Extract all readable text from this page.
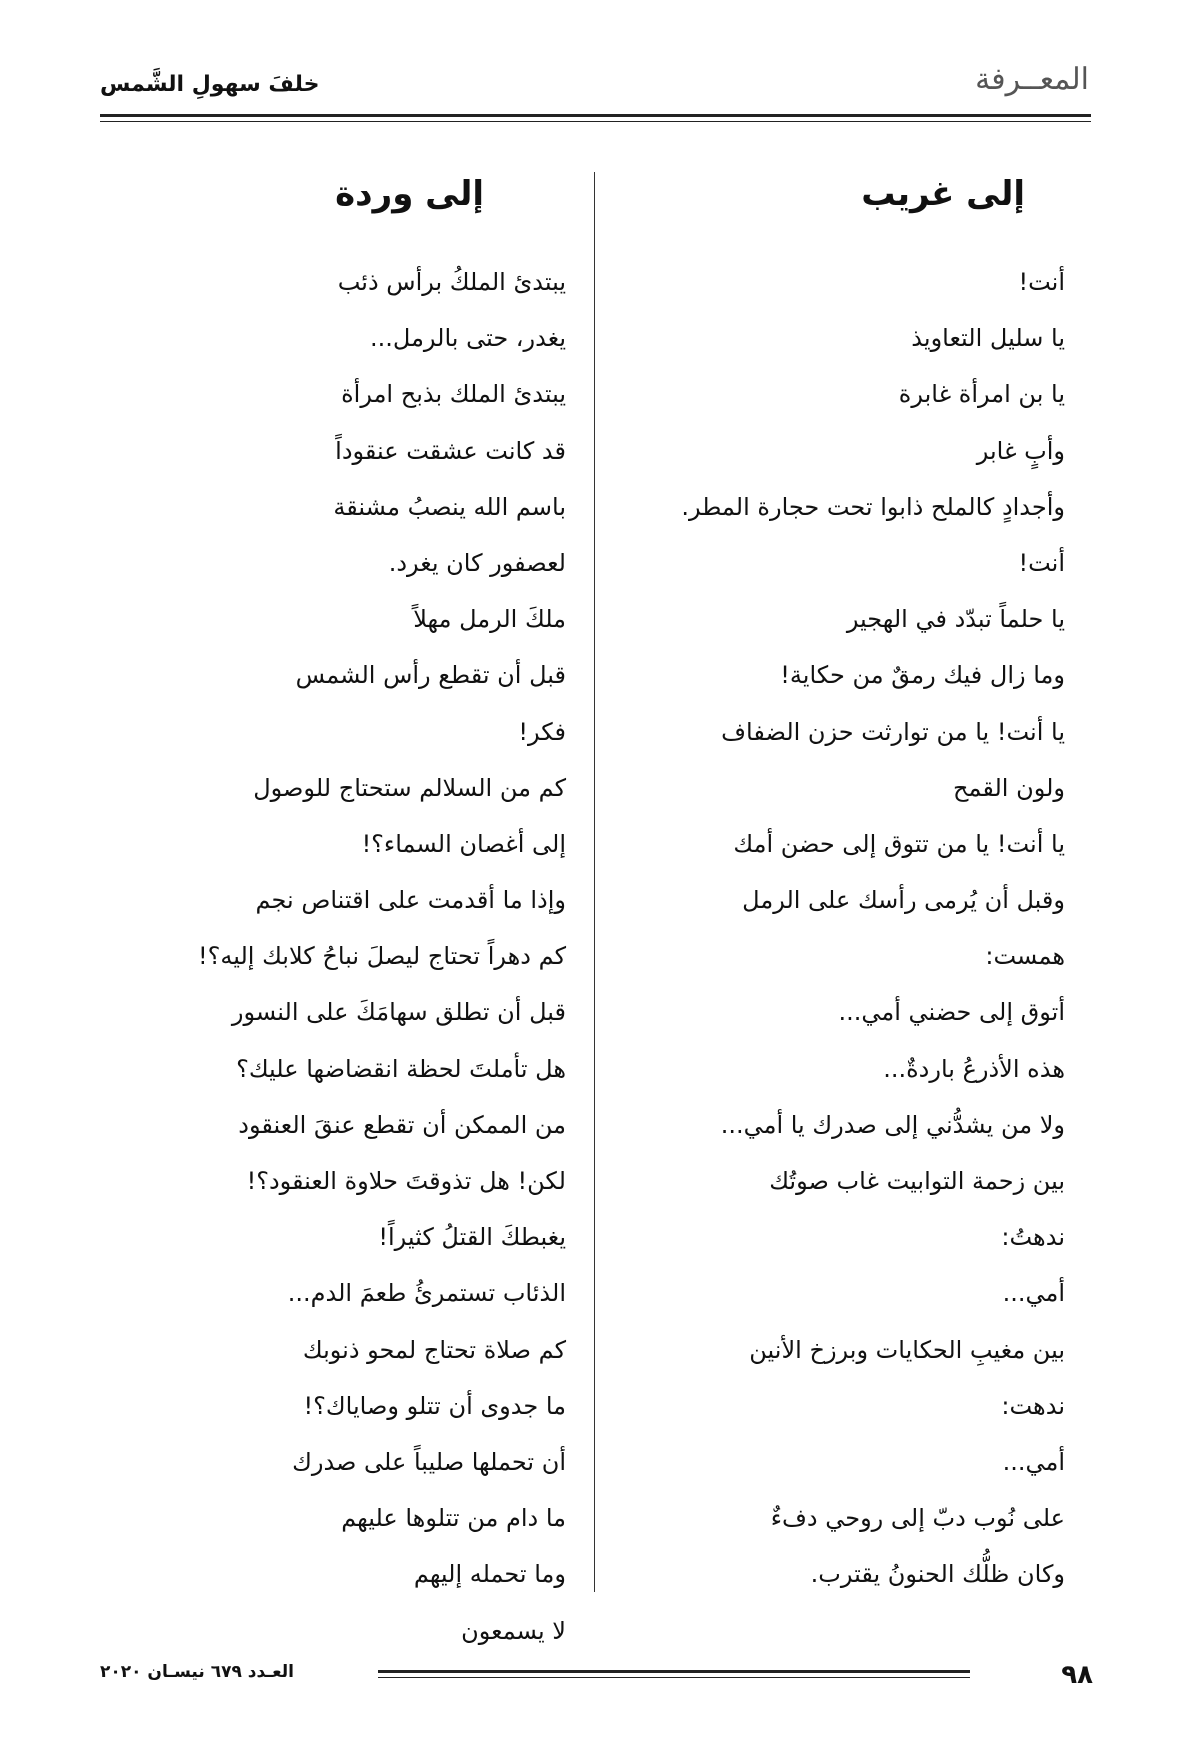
المعــرفة
خلفَ سهولِ الشَّمس
إلى غريب
أنت!
يا سليل التعاويذ
يا بن امرأة غابرة
وأبٍ غابر
وأجدادٍ كالملح ذابوا تحت حجارة المطر.
أنت!
يا حلماً تبدّد في الهجير
وما زال فيك رمقٌ من حكاية!
يا أنت! يا من توارثت حزن الضفاف
ولون القمح
يا أنت! يا من تتوق إلى حضن أمك
وقبل أن يُرمى رأسك على الرمل
همست:
أتوق إلى حضني أمي...
هذه الأذرعُ باردةٌ...
ولا من يشدُّني إلى صدرك يا أمي...
بين زحمة التوابيت غاب صوتُك
ندهتُ:
أمي...
بين مغيبِ الحكايات وبرزخ الأنين
ندهت:
أمي...
على نُوب دبّ إلى روحي دفءٌ
وكان ظلُّك الحنونُ يقترب.
إلى وردة
يبتدئ الملكُ برأس ذئب
يغدر، حتى بالرمل...
يبتدئ الملك بذبح امرأة
قد كانت عشقت عنقوداً
باسم الله ينصبُ مشنقة
لعصفور كان يغرد.
ملكَ الرمل مهلاً
قبل أن تقطع رأس الشمس
فكر!
كم من السلالم ستحتاج للوصول
إلى أغصان السماء؟!
وإذا ما أقدمت على اقتناص نجم
كم دهراً تحتاج ليصلَ نباحُ كلابك إليه؟!
قبل أن تطلق سهامَكَ على النسور
هل تأملتَ لحظة انقضاضها عليك؟
من الممكن أن تقطع عنقَ العنقود
لكن! هل تذوقتَ حلاوة العنقود؟!
يغبطكَ القتلُ كثيراً!
الذئاب تستمرئُ طعمَ الدم...
كم صلاة تحتاج لمحو ذنوبك
ما جدوى أن تتلو وصاياك؟!
أن تحملها صليباً على صدرك
ما دام من تتلوها عليهم
وما تحمله إليهم
لا يسمعون
٩٨
العـدد ٦٧٩ نيسـان ٢٠٢٠
